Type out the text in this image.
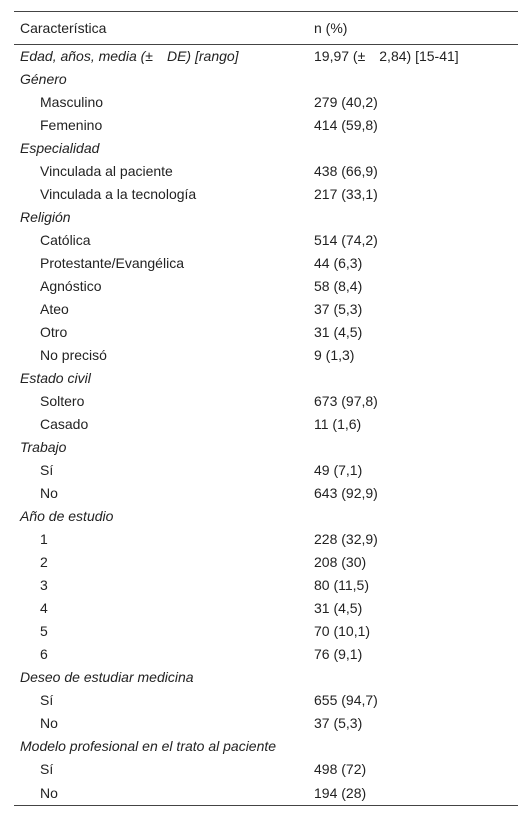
Característica	n (%)
Edad, años, media (± DE) [rango]	19,97 (± 2,84) [15-41]
Género	
Masculino	279 (40,2)
Femenino	414 (59,8)
Especialidad	
Vinculada al paciente	438 (66,9)
Vinculada a la tecnología	217 (33,1)
Religión	
Católica	514 (74,2)
Protestante/Evangélica	44 (6,3)
Agnóstico	58 (8,4)
Ateo	37 (5,3)
Otro	31 (4,5)
No precisó	9 (1,3)
Estado civil	
Soltero	673 (97,8)
Casado	11 (1,6)
Trabajo	
Sí	49 (7,1)
No	643 (92,9)
Año de estudio	
1	228 (32,9)
2	208 (30)
3	80 (11,5)
4	31 (4,5)
5	70 (10,1)
6	76 (9,1)
Deseo de estudiar medicina	
Sí	655 (94,7)
No	37 (5,3)
Modelo profesional en el trato al paciente	
Sí	498 (72)
No	194 (28)
